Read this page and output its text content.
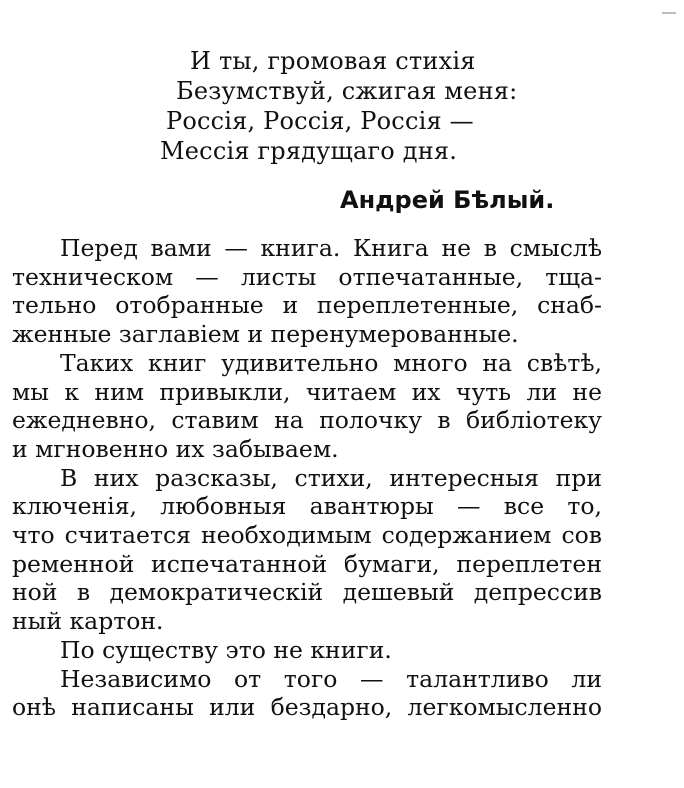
И ты, громовая стихія
Безумствуй, сжигая меня:
Россія, Россія, Россія —
Мессія грядущаго дня.
Андрей Бѣлый.
Перед вами — книга. Книга не в смыслѣ
техническом — листы отпечатанные, тща-
тельно отобранные и переплетенные, снаб-
женные заглавіем и перенумерованные.
Таких книг удивительно много на свѣтѣ,
мы к ним привыкли, читаем их чуть ли не
ежедневно, ставим на полочку в библіотеку
и мгновенно их забываем.
В них разсказы, стихи, интересныя при
ключенія, любовныя авантюры — все то,
что считается необходимым содержанием сов
ременной испечатанной бумаги, переплетен
ной в демократическій дешевый депрессив
ный картон.
По существу это не книги.
Независимо от того — талантливо ли
онѣ написаны или бездарно, легкомысленно
